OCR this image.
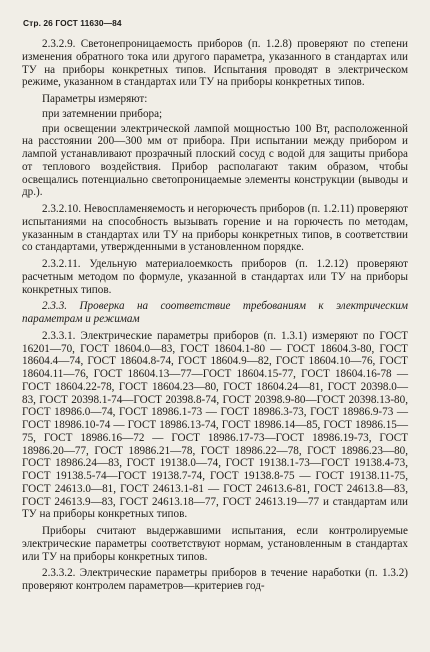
Стр. 26 ГОСТ 11630—84
2.3.2.9. Светонепроницаемость приборов (п. 1.2.8) проверяют по степени изменения обратного тока или другого параметра, указанного в стандартах или ТУ на приборы конкретных типов. Испытания проводят в электрическом режиме, указанном в стандартах или ТУ на приборы конкретных типов.
Параметры измеряют:
при затемнении прибора;
при освещении электрической лампой мощностью 100 Вт, расположенной на расстоянии 200—300 мм от прибора. При испытании между прибором и лампой устанавливают прозрачный плоский сосуд с водой для защиты прибора от теплового воздействия. Прибор располагают таким образом, чтобы освещались потенциально светопроницаемые элементы конструкции (выводы и др.).
2.3.2.10. Невоспламеняемость и негорючесть приборов (п. 1.2.11) проверяют испытаниями на способность вызывать горение и на горючесть по методам, указанным в стандартах или ТУ на приборы конкретных типов, в соответствии со стандартами, утвержденными в установленном порядке.
2.3.2.11. Удельную материалоемкость приборов (п. 1.2.12) проверяют расчетным методом по формуле, указанной в стандартах или ТУ на приборы конкретных типов.
2.3.3. Проверка на соответствие требованиям к электрическим параметрам и режимам
2.3.3.1. Электрические параметры приборов (п. 1.3.1) измеряют по ГОСТ 16201—70, ГОСТ 18604.0—83, ГОСТ 18604.1-80 — ГОСТ 18604.3-80, ГОСТ 18604.4—74, ГОСТ 18604.8-74, ГОСТ 18604.9—82, ГОСТ 18604.10—76, ГОСТ 18604.11—76, ГОСТ 18604.13—77—ГОСТ 18604.15-77, ГОСТ 18604.16-78 — ГОСТ 18604.22-78, ГОСТ 18604.23—80, ГОСТ 18604.24—81, ГОСТ 20398.0—83, ГОСТ 20398.1-74—ГОСТ 20398.8-74, ГОСТ 20398.9-80—ГОСТ 20398.13-80, ГОСТ 18986.0—74, ГОСТ 18986.1-73 — ГОСТ 18986.3-73, ГОСТ 18986.9-73 — ГОСТ 18986.10-74 — ГОСТ 18986.13-74, ГОСТ 18986.14—85, ГОСТ 18986.15—75, ГОСТ 18986.16—72 — ГОСТ 18986.17-73—ГОСТ 18986.19-73, ГОСТ 18986.20—77, ГОСТ 18986.21—78, ГОСТ 18986.22—78, ГОСТ 18986.23—80, ГОСТ 18986.24—83, ГОСТ 19138.0—74, ГОСТ 19138.1-73—ГОСТ 19138.4-73, ГОСТ 19138.5-74—ГОСТ 19138.7-74, ГОСТ 19138.8-75 — ГОСТ 19138.11-75, ГОСТ 24613.0—81, ГОСТ 24613.1-81 — ГОСТ 24613.6-81, ГОСТ 24613.8—83, ГОСТ 24613.9—83, ГОСТ 24613.18—77, ГОСТ 24613.19—77 и стандартам или ТУ на приборы конкретных типов.
Приборы считают выдержавшими испытания, если контролируемые электрические параметры соответствуют нормам, установленным в стандартах или ТУ на приборы конкретных типов.
2.3.3.2. Электрические параметры приборов в течение наработки (п. 1.3.2) проверяют контролем параметров—критериев год-
